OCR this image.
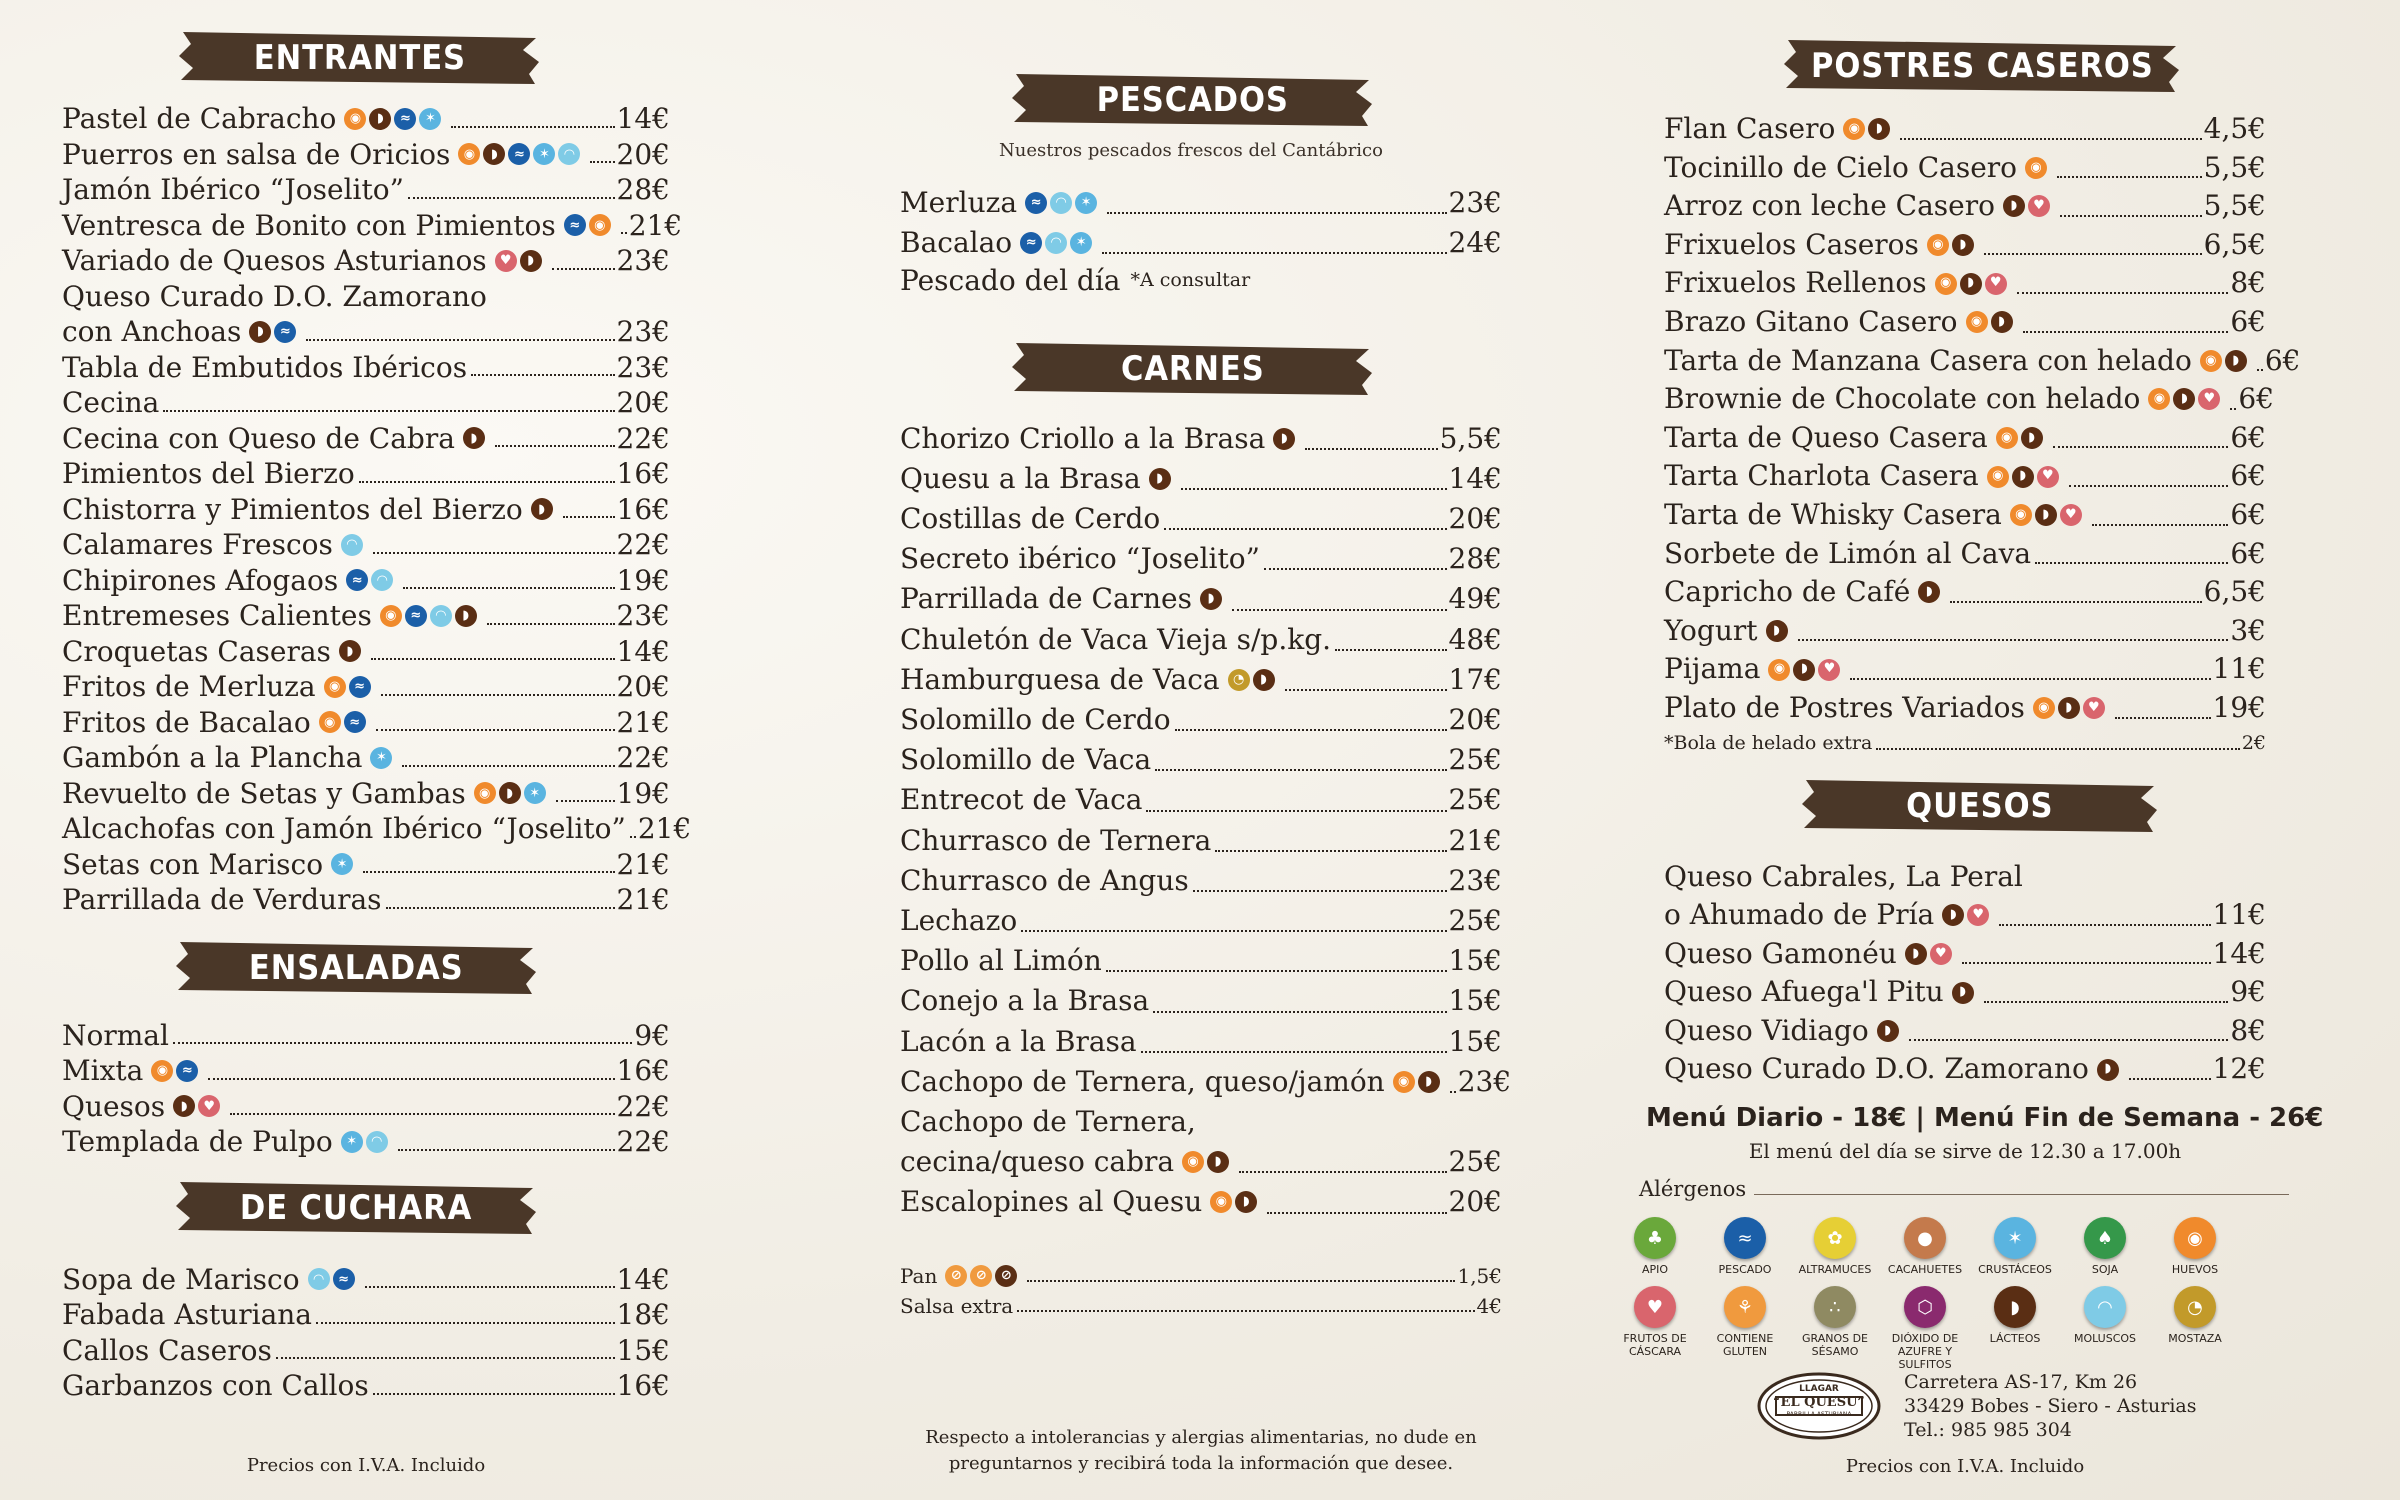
ENTRANTES
Pastel de Cabracho	◉	◗	≈	✶	14€
Puerros en salsa de Oricios	◉	◗	≈	✶	◠ 20€
Jamón Ibérico “Joselito”	28€
Ventresca de Bonito con Pimientos	≈	◉ 21€
Variado de Quesos Asturianos	♥	◗	23€
Queso Curado D.O. Zamorano
con Anchoas	◗	≈	23€
Tabla de Embutidos Ibéricos	23€
Cecina	20€
Cecina con Queso de Cabra	◗	22€
Pimientos del Bierzo	16€
Chistorra y Pimientos del Bierzo	◗	16€
Calamares Frescos	◠	22€
Chipirones Afogaos	≈	◠	19€
Entremeses Calientes	◉	≈	◠	◗	23€
Croquetas Caseras	◗	14€
Fritos de Merluza	◉	≈	20€
Fritos de Bacalao	◉	≈	21€
Gambón a la Plancha	✶	22€
Revuelto de Setas y Gambas	◉	◗	✶	19€
Alcachofas con Jamón Ibérico “Joselito” 21€
Setas con Marisco	✶	21€
Parrillada de Verduras	21€
ENSALADAS
Normal	9€
Mixta	◉	≈	16€
Quesos	◗	♥	22€
Templada de Pulpo	✶	◠	22€
DE CUCHARA
Sopa de Marisco	◠	≈	14€
Fabada Asturiana	18€
Callos Caseros	15€
Garbanzos con Callos	16€
Precios con I.V.A. Incluido
PESCADOS
Nuestros pescados frescos del Cantábrico
Merluza	≈	◠	✶	23€
Bacalao	≈	◠	✶	24€
Pescado del día *A consultar
CARNES
Chorizo Criollo a la Brasa	◗	5,5€
Quesu a la Brasa	◗	14€
Costillas de Cerdo	20€
Secreto ibérico “Joselito”	28€
Parrillada de Carnes	◗	49€
Chuletón de Vaca Vieja s/p.kg.	48€
Hamburguesa de Vaca	◔	◗	17€
Solomillo de Cerdo	20€
Solomillo de Vaca	25€
Entrecot de Vaca	25€
Churrasco de Ternera	21€
Churrasco de Angus	23€
Lechazo	25€
Pollo al Limón	15€
Conejo a la Brasa	15€
Lacón a la Brasa	15€
Cachopo de Ternera, queso/jamón	◉	◗ 23€
Cachopo de Ternera,
cecina/queso cabra	◉	◗	25€
Escalopines al Quesu	◉	◗	20€
Pan	⊘	⊘	⊘	1,5€
Salsa extra	4€
Respecto a intolerancias y alergias alimentarias, no dude en
preguntarnos y recibirá toda la información que desee.
POSTRES CASEROS
Flan Casero	◉	◗	4,5€
Tocinillo de Cielo Casero	◉	5,5€
Arroz con leche Casero	◗	♥	5,5€
Frixuelos Caseros	◉	◗	6,5€
Frixuelos Rellenos	◉	◗	♥	8€
Brazo Gitano Casero	◉	◗	6€
Tarta de Manzana Casera con helado	◉	◗ 6€
Brownie de Chocolate con helado	◉	◗	♥ 6€
Tarta de Queso Casera	◉	◗	6€
Tarta Charlota Casera	◉	◗	♥	6€
Tarta de Whisky Casera	◉	◗	♥	6€
Sorbete de Limón al Cava	6€
Capricho de Café	◗	6,5€
Yogurt	◗	3€
Pijama	◉	◗	♥	11€
Plato de Postres Variados	◉	◗	♥	19€
*Bola de helado extra	2€
QUESOS
Queso Cabrales, La Peral
o Ahumado de Pría	◗	♥	11€
Queso Gamonéu	◗	♥	14€
Queso Afuega'l Pitu	◗	9€
Queso Vidiago	◗	8€
Queso Curado D.O. Zamorano	◗	12€
Menú Diario - 18€ | Menú Fin de Semana - 26€
El menú del día se sirve de 12.30 a 17.00h
Alérgenos
♣
APIO
≈
PESCADO
✿
ALTRAMUCES
●
CACAHUETES
✶
CRUSTÁCEOS
♠
SOJA
◉
HUEVOS
♥
FRUTOS DE CÁSCARA
⚘
CONTIENE GLUTEN
∴
GRANOS DE SÉSAMO
⬡
DIÓXIDO DE AZUFRE Y SULFITOS
◗
LÁCTEOS
◠
MOLUSCOS
◔
MOSTAZA
LLAGAR
“EL QUESU”
PARRILLA ASTURIANA
Carretera AS-17, Km 26
33429 Bobes - Siero - Asturias
Tel.: 985 985 304
Precios con I.V.A. Incluido
